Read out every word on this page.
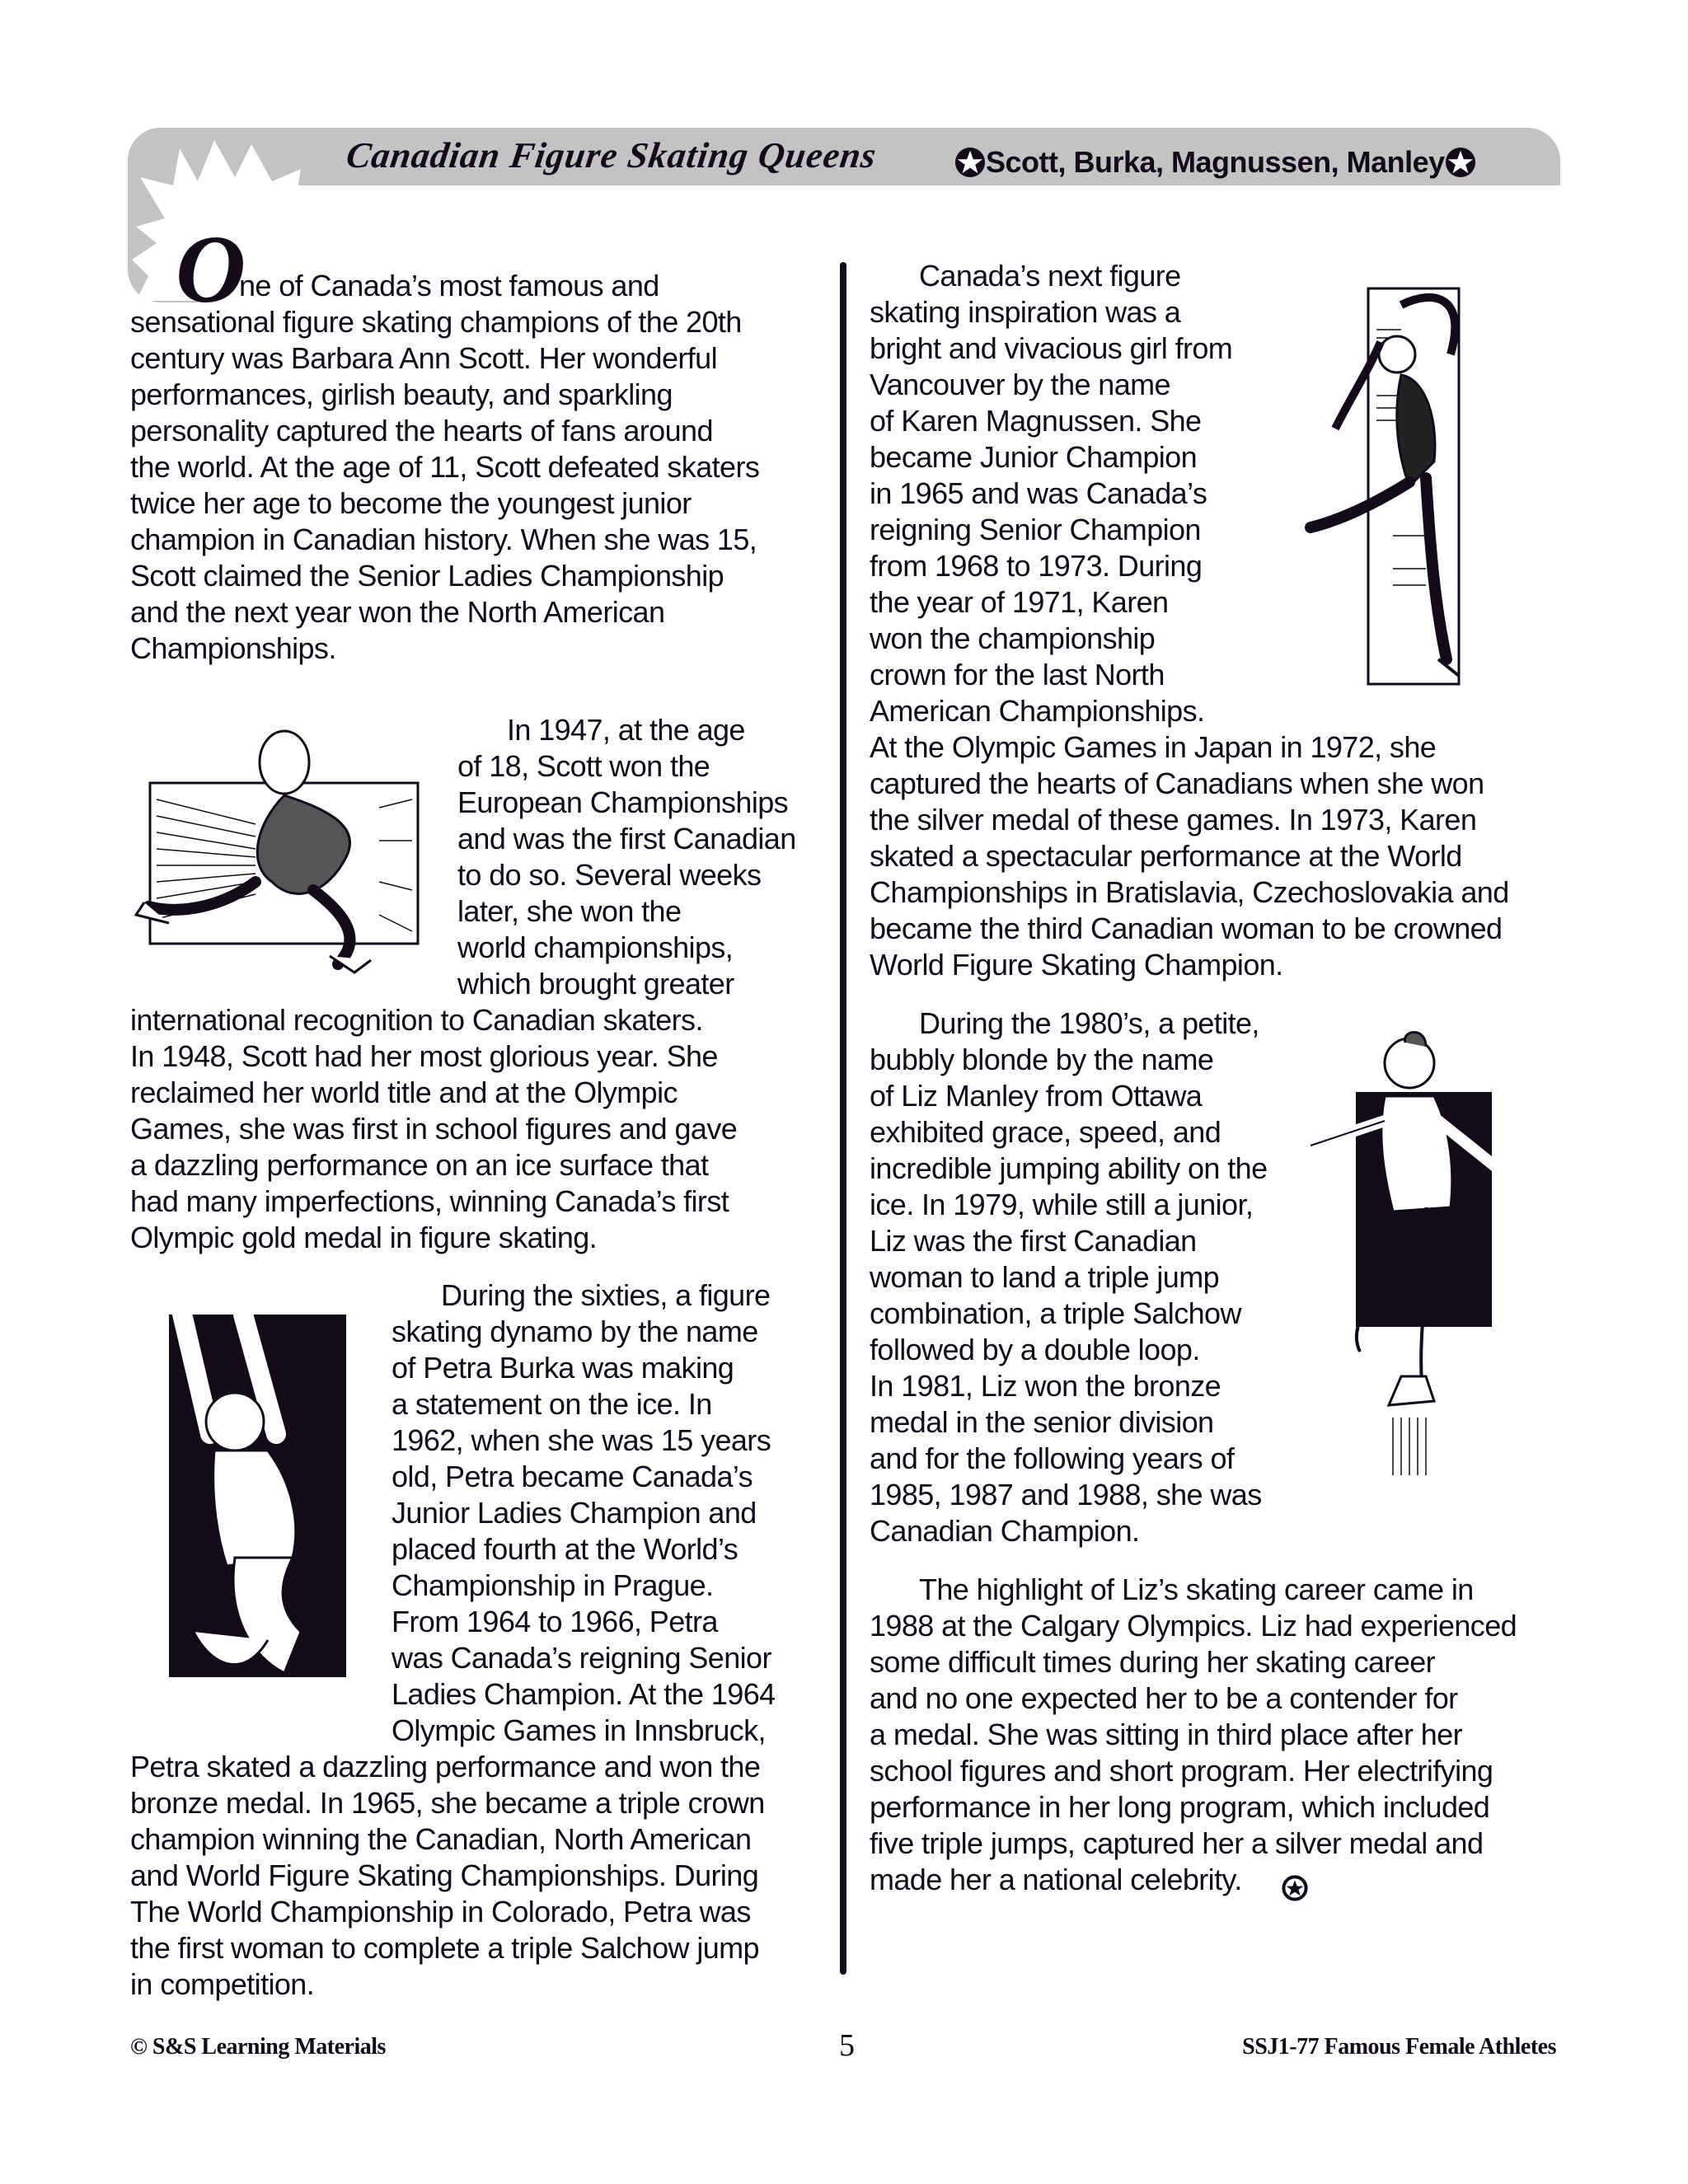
Canadian Figure Skating Queens	Scott, Burka, Magnussen, Manley
O
ne of Canada’s most famous and
sensational figure skating champions of the 20th
century was Barbara Ann Scott. Her wonderful
performances, girlish beauty, and sparkling
personality captured the hearts of fans around
the world. At the age of 11, Scott defeated skaters
twice her age to become the youngest junior
champion in Canadian history. When she was 15,
Scott claimed the Senior Ladies Championship
and the next year won the North American
Championships.
In 1947, at the age
of 18, Scott won the
European Championships
and was the first Canadian
to do so. Several weeks
later, she won the
world championships,
which brought greater
international recognition to Canadian skaters.
In 1948, Scott had her most glorious year. She
reclaimed her world title and at the Olympic
Games, she was first in school figures and gave
a dazzling performance on an ice surface that
had many imperfections, winning Canada’s first
Olympic gold medal in figure skating.
During the sixties, a figure
skating dynamo by the name
of Petra Burka was making
a statement on the ice. In
1962, when she was 15 years
old, Petra became Canada’s
Junior Ladies Champion and
placed fourth at the World’s
Championship in Prague.
From 1964 to 1966, Petra
was Canada’s reigning Senior
Ladies Champion. At the 1964
Olympic Games in Innsbruck,
Petra skated a dazzling performance and won the
bronze medal. In 1965, she became a triple crown
champion winning the Canadian, North American
and World Figure Skating Championships. During
The World Championship in Colorado, Petra was
the first woman to complete a triple Salchow jump
in competition.
Canada’s next figure
skating inspiration was a
bright and vivacious girl from
Vancouver by the name
of Karen Magnussen. She
became Junior Champion
in 1965 and was Canada’s
reigning Senior Champion
from 1968 to 1973. During
the year of 1971, Karen
won the championship
crown for the last North
American Championships.
At the Olympic Games in Japan in 1972, she
captured the hearts of Canadians when she won
the silver medal of these games. In 1973, Karen
skated a spectacular performance at the World
Championships in Bratislavia, Czechoslovakia and
became the third Canadian woman to be crowned
World Figure Skating Champion.
During the 1980’s, a petite,
bubbly blonde by the name
of Liz Manley from Ottawa
exhibited grace, speed, and
incredible jumping ability on the
ice. In 1979, while still a junior,
Liz was the first Canadian
woman to land a triple jump
combination, a triple Salchow
followed by a double loop.
In 1981, Liz won the bronze
medal in the senior division
and for the following years of
1985, 1987 and 1988, she was
Canadian Champion.
The highlight of Liz’s skating career came in
1988 at the Calgary Olympics. Liz had experienced
some difficult times during her skating career
and no one expected her to be a contender for
a medal. She was sitting in third place after her
school figures and short program. Her electrifying
performance in her long program, which included
five triple jumps, captured her a silver medal and
made her a national celebrity.
© S&S Learning Materials	5	SSJ1-77 Famous Female Athletes
